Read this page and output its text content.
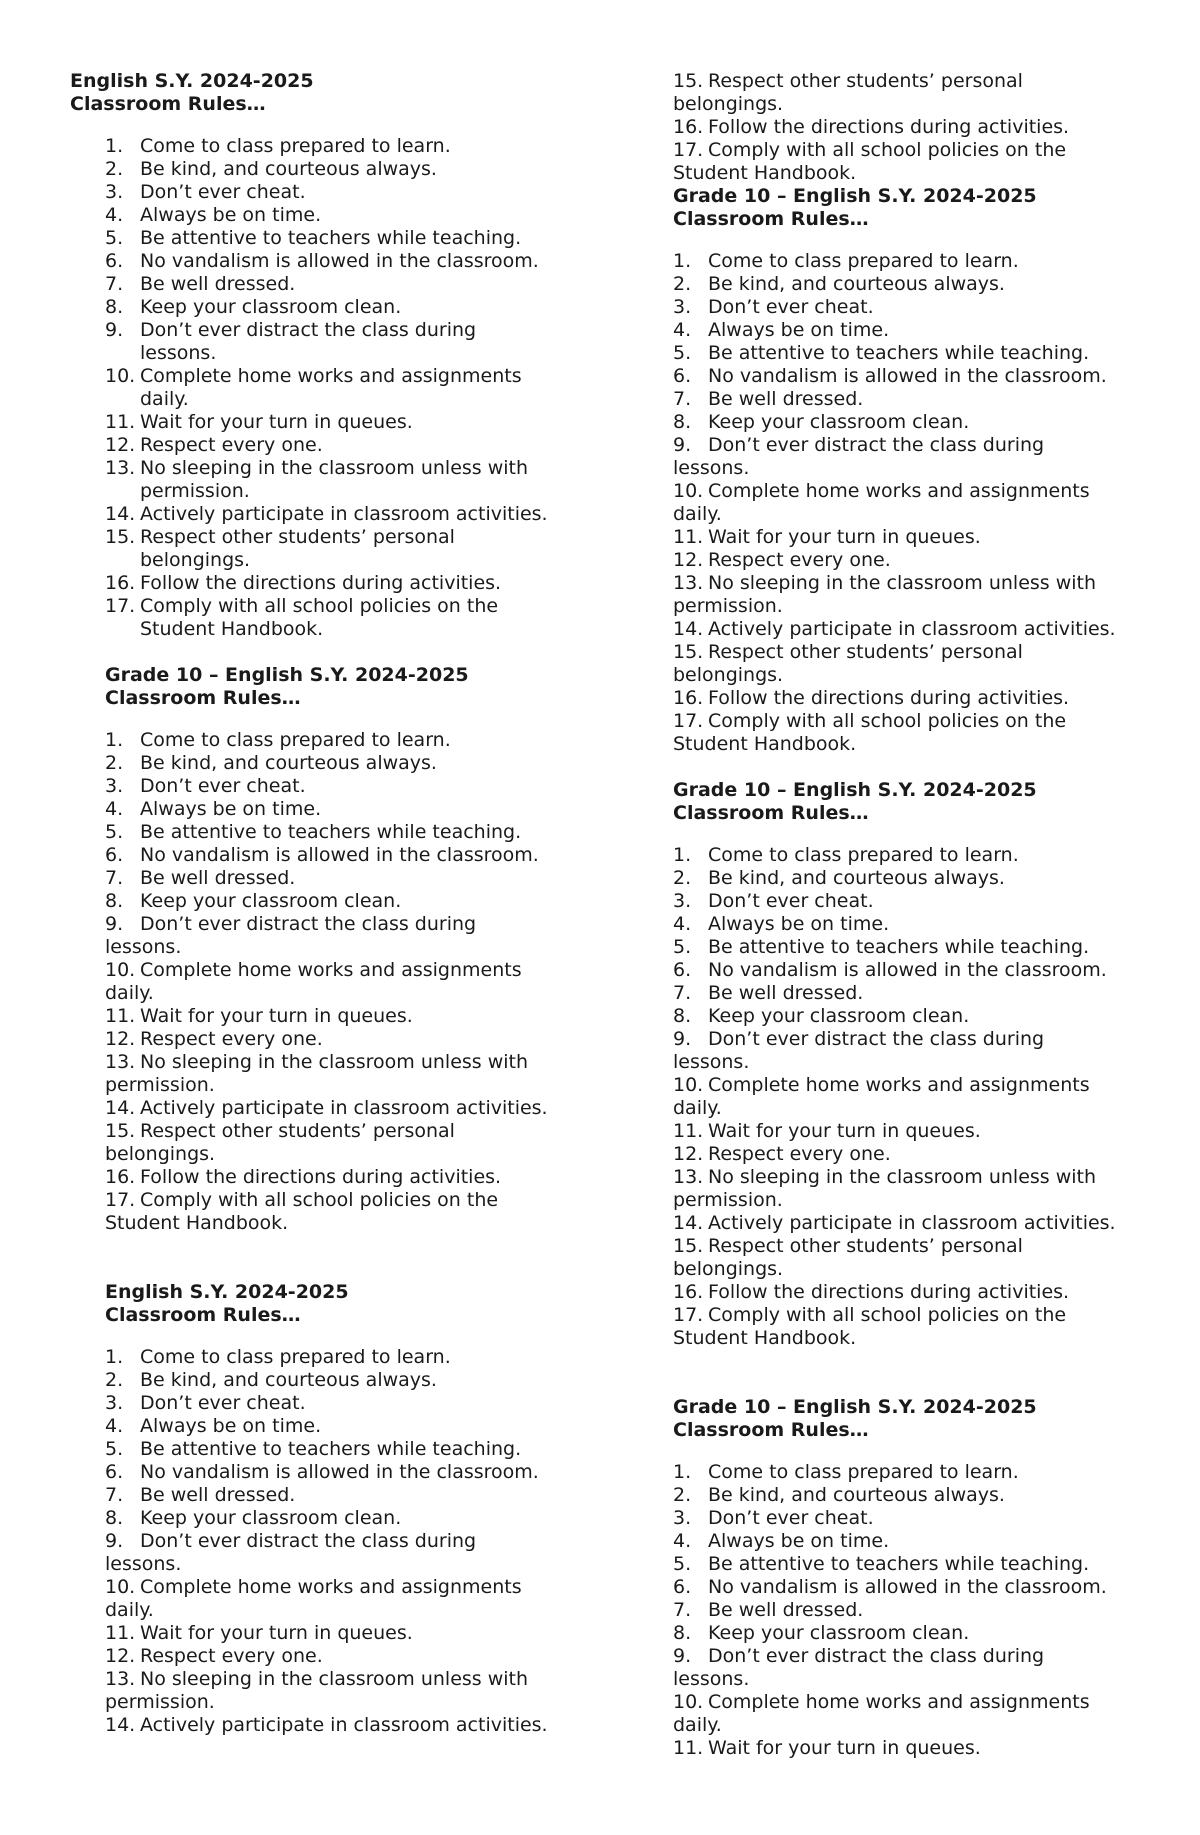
English S.Y. 2024-2025
Classroom Rules…
1. Come to class prepared to learn.
2. Be kind, and courteous always.
3. Don’t ever cheat.
4. Always be on time.
5. Be attentive to teachers while teaching.
6. No vandalism is allowed in the classroom.
7. Be well dressed.
8. Keep your classroom clean.
9. Don’t ever distract the class during
lessons.
10. Complete home works and assignments
daily.
11. Wait for your turn in queues.
12. Respect every one.
13. No sleeping in the classroom unless with
permission.
14. Actively participate in classroom activities.
15. Respect other students’ personal
belongings.
16. Follow the directions during activities.
17. Comply with all school policies on the
Student Handbook.
Grade 10 – English S.Y. 2024-2025
Classroom Rules…
1. Come to class prepared to learn.
2. Be kind, and courteous always.
3. Don’t ever cheat.
4. Always be on time.
5. Be attentive to teachers while teaching.
6. No vandalism is allowed in the classroom.
7. Be well dressed.
8. Keep your classroom clean.
9. Don’t ever distract the class during
lessons.
10. Complete home works and assignments
daily.
11. Wait for your turn in queues.
12. Respect every one.
13. No sleeping in the classroom unless with
permission.
14. Actively participate in classroom activities.
15. Respect other students’ personal
belongings.
16. Follow the directions during activities.
17. Comply with all school policies on the
Student Handbook.
English S.Y. 2024-2025
Classroom Rules…
1. Come to class prepared to learn.
2. Be kind, and courteous always.
3. Don’t ever cheat.
4. Always be on time.
5. Be attentive to teachers while teaching.
6. No vandalism is allowed in the classroom.
7. Be well dressed.
8. Keep your classroom clean.
9. Don’t ever distract the class during
lessons.
10. Complete home works and assignments
daily.
11. Wait for your turn in queues.
12. Respect every one.
13. No sleeping in the classroom unless with
permission.
14. Actively participate in classroom activities.
15. Respect other students’ personal
belongings.
16. Follow the directions during activities.
17. Comply with all school policies on the
Student Handbook.
Grade 10 – English S.Y. 2024-2025
Classroom Rules…
1. Come to class prepared to learn.
2. Be kind, and courteous always.
3. Don’t ever cheat.
4. Always be on time.
5. Be attentive to teachers while teaching.
6. No vandalism is allowed in the classroom.
7. Be well dressed.
8. Keep your classroom clean.
9. Don’t ever distract the class during
lessons.
10. Complete home works and assignments
daily.
11. Wait for your turn in queues.
12. Respect every one.
13. No sleeping in the classroom unless with
permission.
14. Actively participate in classroom activities.
15. Respect other students’ personal
belongings.
16. Follow the directions during activities.
17. Comply with all school policies on the
Student Handbook.
Grade 10 – English S.Y. 2024-2025
Classroom Rules…
1. Come to class prepared to learn.
2. Be kind, and courteous always.
3. Don’t ever cheat.
4. Always be on time.
5. Be attentive to teachers while teaching.
6. No vandalism is allowed in the classroom.
7. Be well dressed.
8. Keep your classroom clean.
9. Don’t ever distract the class during
lessons.
10. Complete home works and assignments
daily.
11. Wait for your turn in queues.
12. Respect every one.
13. No sleeping in the classroom unless with
permission.
14. Actively participate in classroom activities.
15. Respect other students’ personal
belongings.
16. Follow the directions during activities.
17. Comply with all school policies on the
Student Handbook.
Grade 10 – English S.Y. 2024-2025
Classroom Rules…
1. Come to class prepared to learn.
2. Be kind, and courteous always.
3. Don’t ever cheat.
4. Always be on time.
5. Be attentive to teachers while teaching.
6. No vandalism is allowed in the classroom.
7. Be well dressed.
8. Keep your classroom clean.
9. Don’t ever distract the class during
lessons.
10. Complete home works and assignments
daily.
11. Wait for your turn in queues.
